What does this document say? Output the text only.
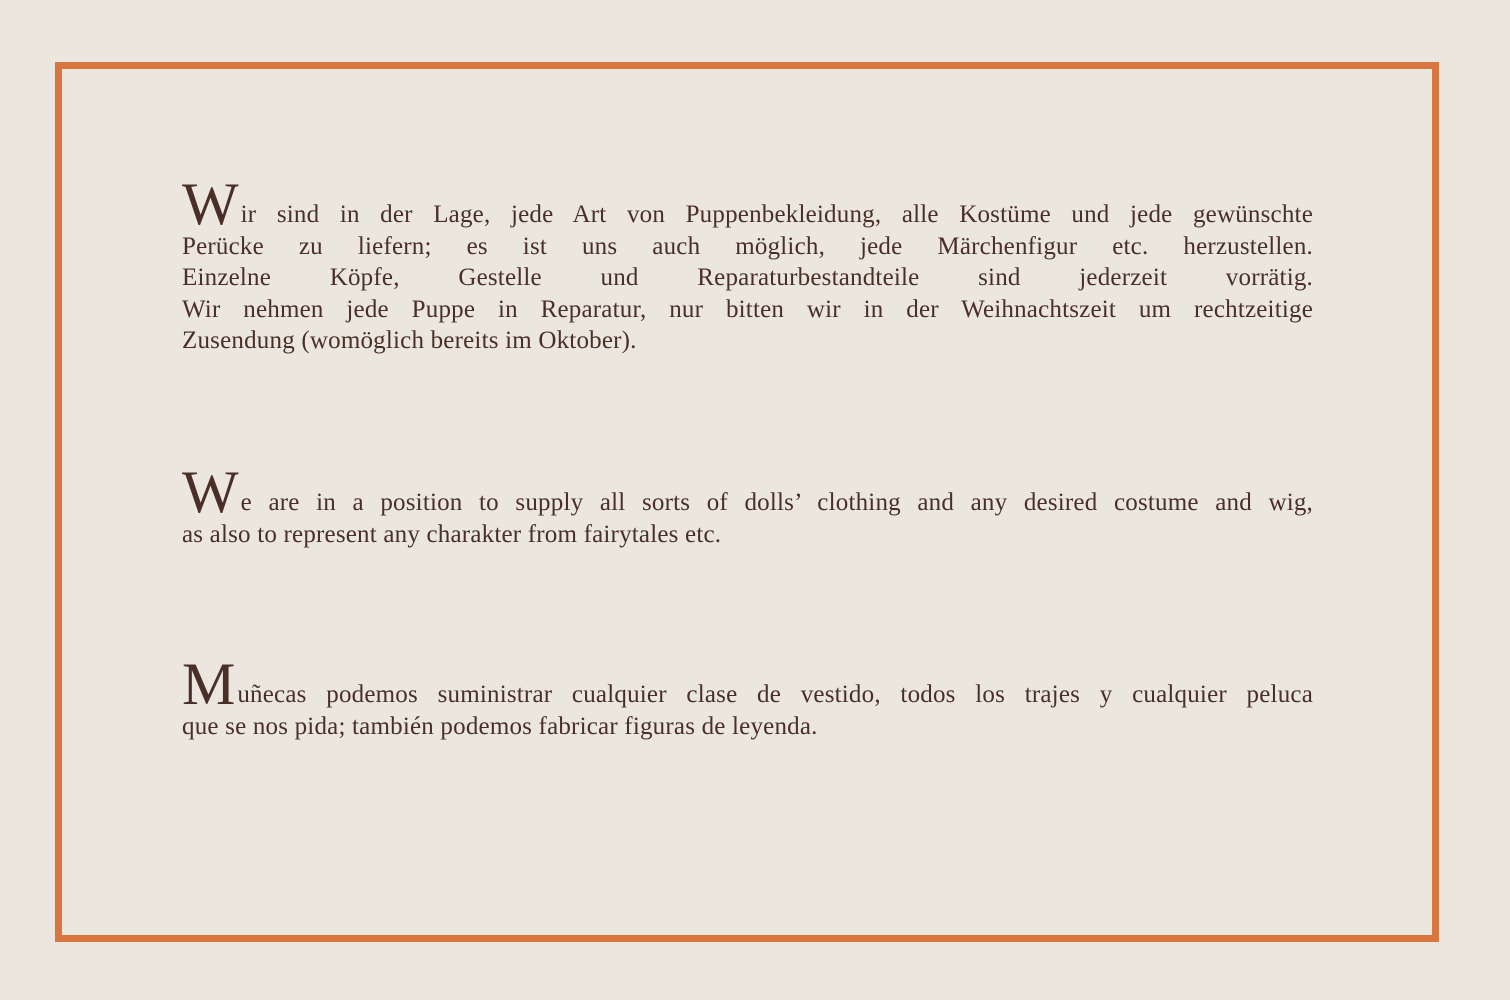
Wir sind in der Lage, jede Art von Puppenbekleidung, alle Kostüme und jede gewünschte
Perücke zu liefern; es ist uns auch möglich, jede Märchenfigur etc. herzustellen.
Einzelne Köpfe, Gestelle und Reparaturbestandteile sind jederzeit vorrätig.
Wir nehmen jede Puppe in Reparatur, nur bitten wir in der Weihnachtszeit um rechtzeitige
Zusendung (womöglich bereits im Oktober).
We are in a position to supply all sorts of dolls’ clothing and any desired costume and wig,
as also to represent any charakter from fairytales etc.
Muñecas podemos suministrar cualquier clase de vestido, todos los trajes y cualquier peluca
que se nos pida; también podemos fabricar figuras de leyenda.
